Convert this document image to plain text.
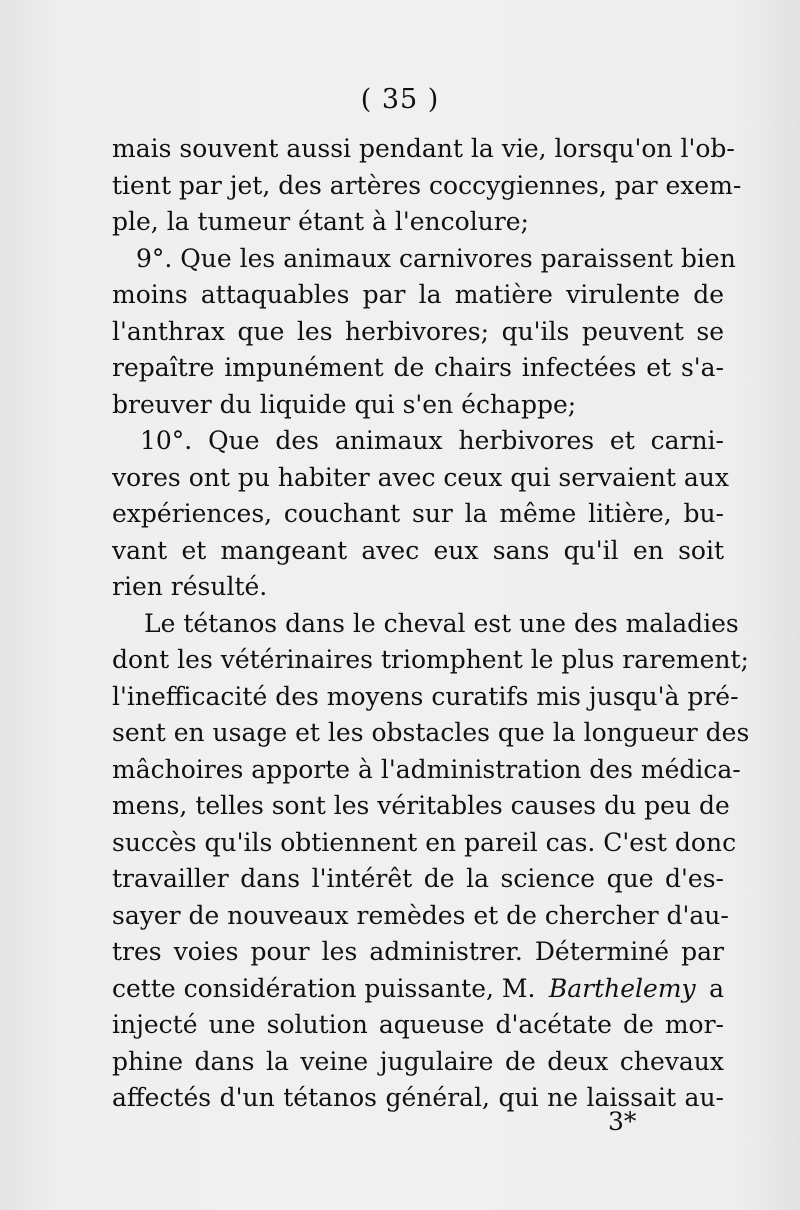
( 35 )
mais souvent aussi pendant la vie, lorsqu'on l'ob-
tient par jet, des artères coccygiennes, par exem-
ple, la tumeur étant à l'encolure;
9°. Que les animaux carnivores paraissent bien
moins attaquables par la matière virulente de
l'anthrax que les herbivores; qu'ils peuvent se
repaître impunément de chairs infectées et s'a-
breuver du liquide qui s'en échappe;
10°. Que des animaux herbivores et carni-
vores ont pu habiter avec ceux qui servaient aux
expériences, couchant sur la même litière, bu-
vant et mangeant avec eux sans qu'il en soit
rien résulté.
Le tétanos dans le cheval est une des maladies
dont les vétérinaires triomphent le plus rarement;
l'inefficacité des moyens curatifs mis jusqu'à pré-
sent en usage et les obstacles que la longueur des
mâchoires apporte à l'administration des médica-
mens, telles sont les véritables causes du peu de
succès qu'ils obtiennent en pareil cas. C'est donc
travailler dans l'intérêt de la science que d'es-
sayer de nouveaux remèdes et de chercher d'au-
tres voies pour les administrer. Déterminé par
cette considération puissante, M. Barthelemy a
injecté une solution aqueuse d'acétate de mor-
phine dans la veine jugulaire de deux chevaux
affectés d'un tétanos général, qui ne laissait au-
3*
